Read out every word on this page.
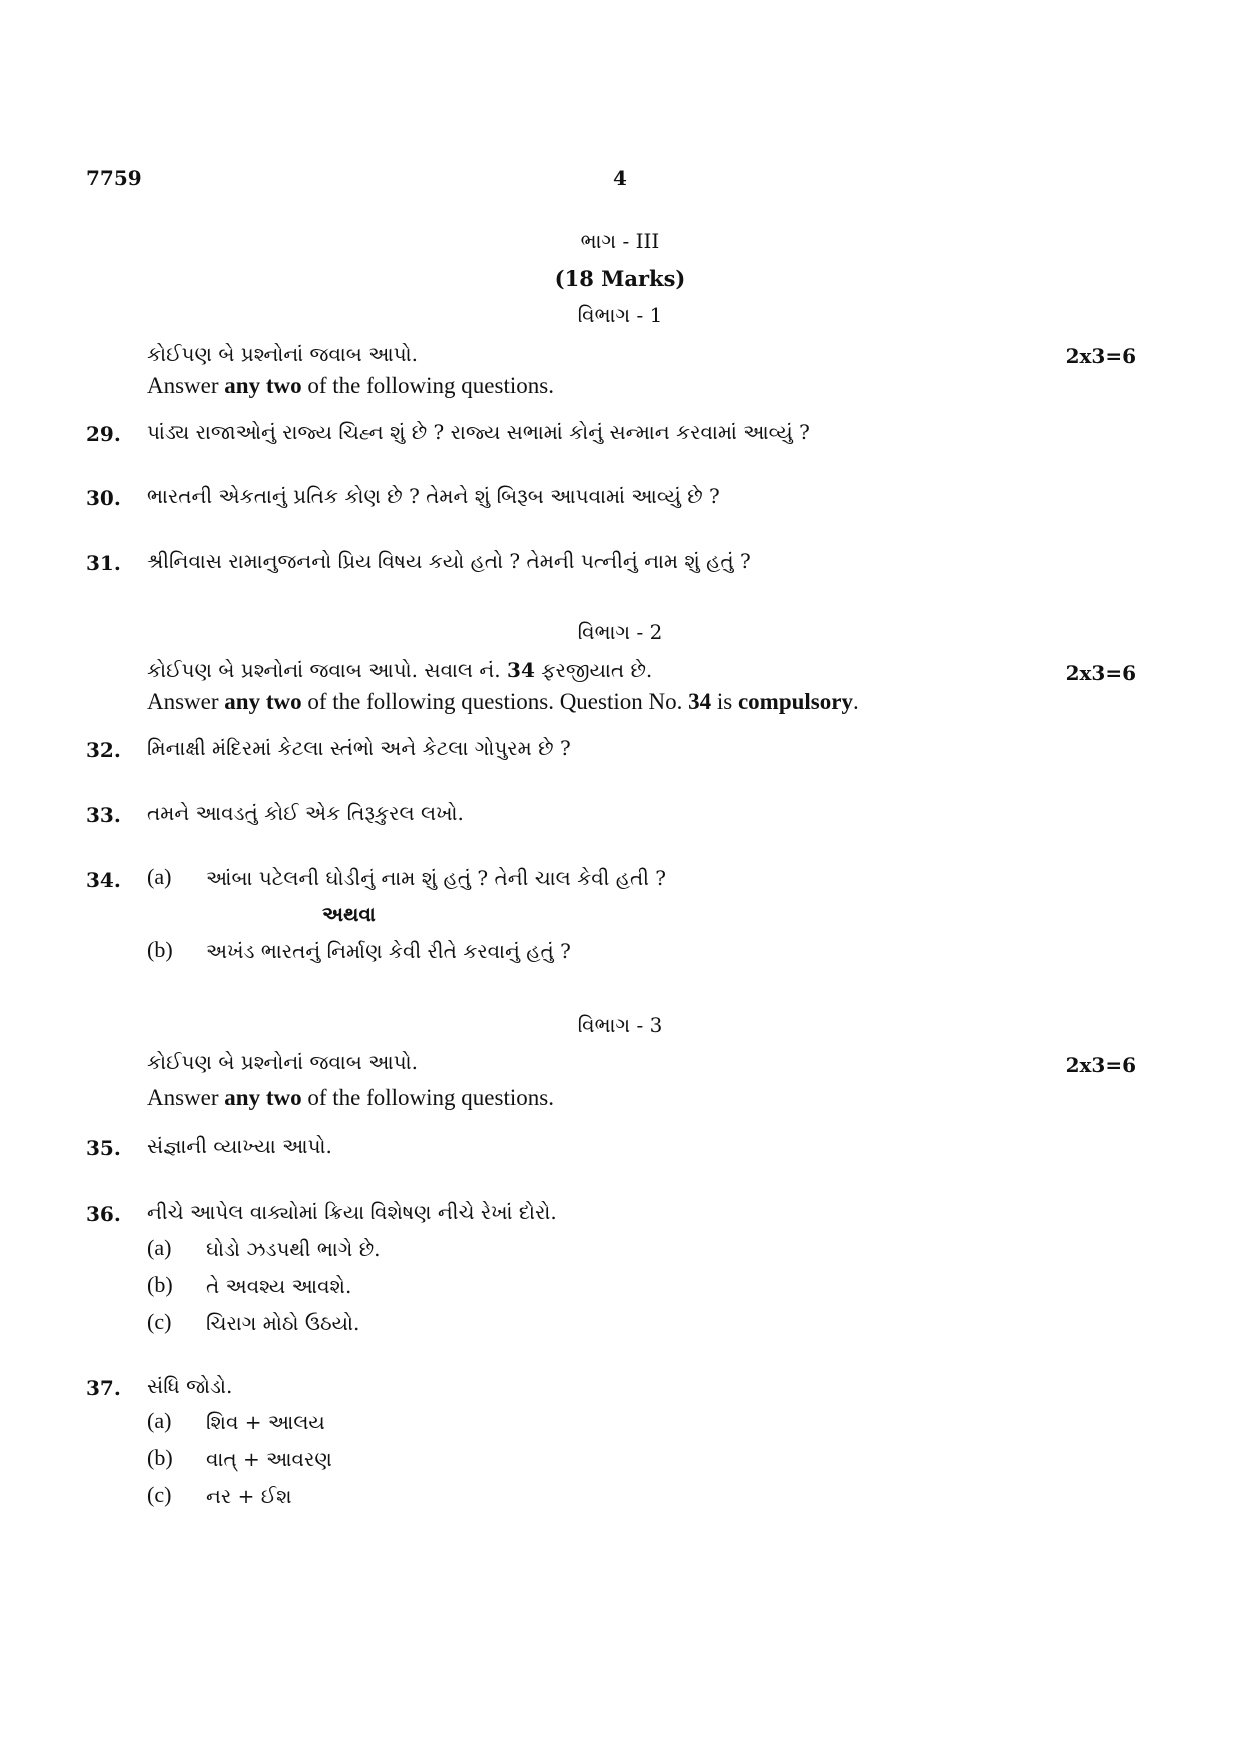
7759	4
ભાગ - III
(18 Marks)
વિભાગ - 1
કોઈપણ બે પ્રશ્નોનાં જવાબ આપો.	2x3=6
Answer any two of the following questions.
29. પાંડ્ય રાજાઓનું રાજ્ય ચિહ્ન શું છે ? રાજ્ય સભામાં કોનું સન્માન કરવામાં આવ્યું ?
30. ભારતની એકતાનું પ્રતિક કોણ છે ? તેમને શું બિરૂબ આપવામાં આવ્યું છે ?
31. શ્રીનિવાસ રામાનુજનનો પ્રિય વિષય કયો હતો ? તેમની પત્નીનું નામ શું હતું ?
વિભાગ - 2
કોઈપણ બે પ્રશ્નોનાં જવાબ આપો. સવાલ નં. 34 ફરજીયાત છે.	2x3=6
Answer any two of the following questions. Question No. 34 is compulsory.
32. મિનાક્ષી મંદિરમાં કેટલા સ્તંભો અને કેટલા ગોપુરમ છે ?
33. તમને આવડતું કોઈ એક તિરૂકુરલ લખો.
34. (a) આંબા પટેલની ઘોડીનું નામ શું હતું ? તેની ચાલ કેવી હતી ?
અથવા
(b) અખંડ ભારતનું નિર્માણ કેવી રીતે કરવાનું હતું ?
વિભાગ - 3
કોઈપણ બે પ્રશ્નોનાં જવાબ આપો.	2x3=6
Answer any two of the following questions.
35. સંજ્ઞાની વ્યાખ્યા આપો.
36. નીચે આપેલ વાક્યોમાં ક્રિયા વિશેષણ નીચે રેખાં દોરો.
(a) ઘોડો ઝડપથી ભાગે છે.
(b) તે અવશ્ય આવશે.
(c) ચિરાગ મોઠો ઉઠયો.
37. સંધિ જોડો.
(a) શિવ + આલય
(b) વાત્ + આવરણ
(c) નર + ઈશ
